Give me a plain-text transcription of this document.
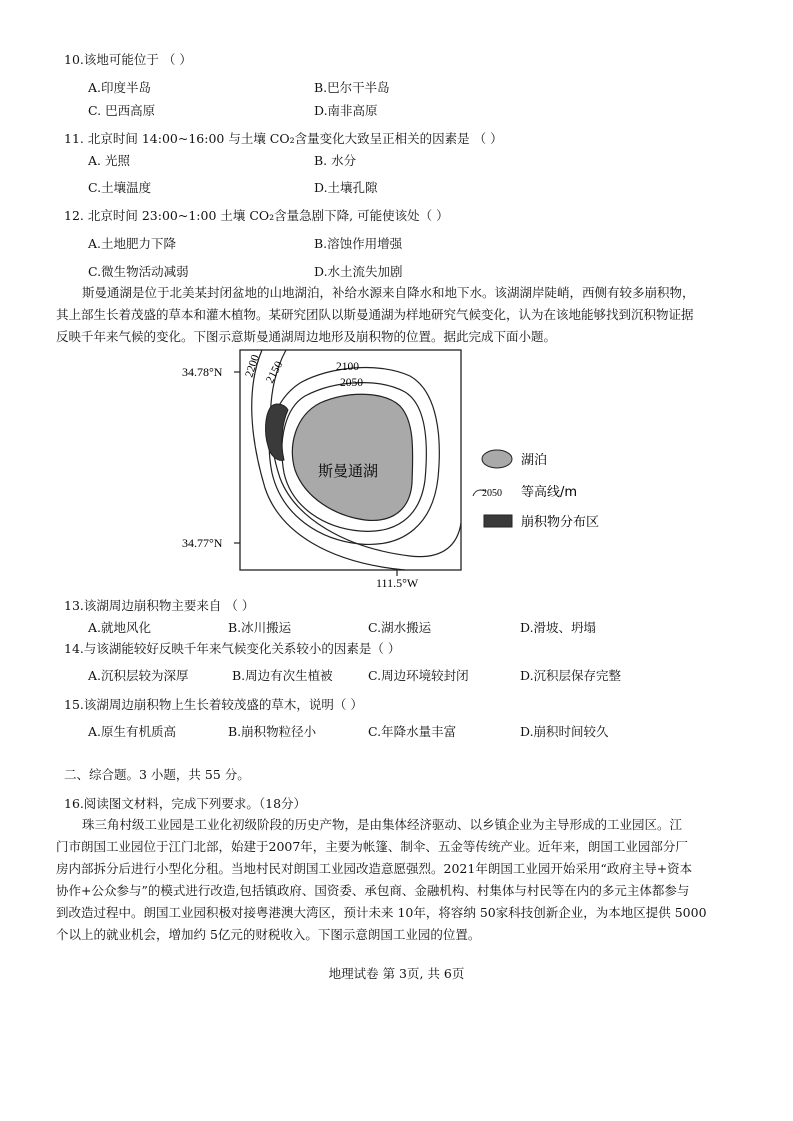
10.该地可能位于 （ ）
A.印度半岛	B.巴尔干半岛
C. 巴西高原	D.南非高原
11. 北京时间 14:00~16:00 与土壤 CO₂含量变化大致呈正相关的因素是 （ ）
A. 光照	B. 水分
C.土壤温度	D.土壤孔隙
12. 北京时间 23:00~1:00 土壤 CO₂含量急剧下降, 可能使该处（ ）
A.土地肥力下降	B.溶蚀作用增强
C.微生物活动减弱	D.水土流失加剧

斯曼通湖是位于北美某封闭盆地的山地湖泊，补给水源来自降水和地下水。该湖湖岸陡峭，西侧有较多崩积物，

其上部生长着茂盛的草本和灌木植物。某研究团队以斯曼通湖为样地研究气候变化，认为在该地能够找到沉积物证据

反映千年来气候的变化。下图示意斯曼通湖周边地形及崩积物的位置。据此完成下面小题。

2200 2150	2100
2050
斯曼通湖
34.78°N
34.77°N
111.5°W
湖泊
2050 等高线/m
崩积物分布区
13.该湖周边崩积物主要来自 （ ）
A.就地风化	B.冰川搬运	C.湖水搬运	D.滑坡、坍塌
14.与该湖能较好反映千年来气候变化关系较小的因素是（ ）
A.沉积层较为深厚	B.周边有次生植被	C.周边环境较封闭	D.沉积层保存完整
15.该湖周边崩积物上生长着较茂盛的草木，说明（ ）
A.原生有机质高	B.崩积物粒径小	C.年降水量丰富	D.崩积时间较久
二、综合题。3 小题，共 55 分。
16.阅读图文材料，完成下列要求。（18分）

珠三角村级工业园是工业化初级阶段的历史产物，是由集体经济驱动、以乡镇企业为主导形成的工业园区。江

门市朗国工业园位于江门北部，始建于2007年，主要为帐篷、制伞、五金等传统产业。近年来，朗国工业园部分厂

房内部拆分后进行小型化分租。当地村民对朗国工业园改造意愿强烈。2021年朗国工业园开始采用“政府主导+资本

协作+公众参与”的模式进行改造,包括镇政府、国资委、承包商、金融机构、村集体与村民等在内的多元主体都参与

到改造过程中。朗国工业园积极对接粤港澳大湾区，预计未来 10年，将容纳 50家科技创新企业，为本地区提供 5000

个以上的就业机会，增加约 5亿元的财税收入。下图示意朗国工业园的位置。

地理试卷 第 3页, 共 6页
